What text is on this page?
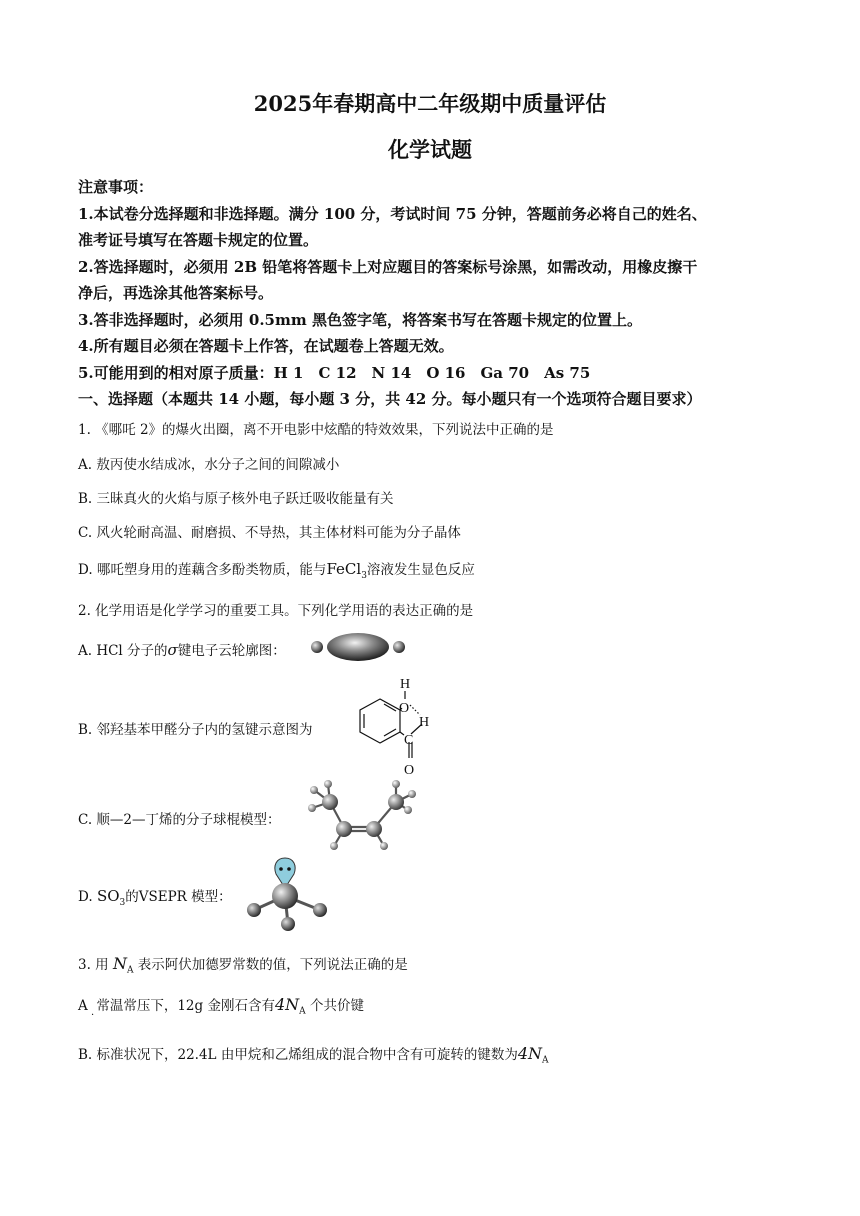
2025年春期高中二年级期中质量评估
化学试题
注意事项：
1.本试卷分选择题和非选择题。满分 100 分，考试时间 75 分钟，答题前务必将自己的姓名、
准考证号填写在答题卡规定的位置。
2.答选择题时，必须用 2B 铅笔将答题卡上对应题目的答案标号涂黑，如需改动，用橡皮擦干
净后，再选涂其他答案标号。
3.答非选择题时，必须用 0.5mm 黑色签字笔，将答案书写在答题卡规定的位置上。
4.所有题目必须在答题卡上作答，在试题卷上答题无效。
5.可能用到的相对原子质量：H 1　C 12　N 14　O 16　Ga 70　As 75
一、选择题（本题共 14 小题，每小题 3 分，共 42 分。每小题只有一个选项符合题目要求）
1. 《哪吒 2》的爆火出圈，离不开电影中炫酷的特效效果，下列说法中正确的是
A. 敖丙使水结成冰，水分子之间的间隙减小
B. 三昧真火的火焰与原子核外电子跃迁吸收能量有关
C. 风火轮耐高温、耐磨损、不导热，其主体材料可能为分子晶体
D. 哪吒塑身用的莲藕含多酚类物质，能与FeCl$_3$溶液发生显色反应
2. 化学用语是化学学习的重要工具。下列化学用语的表达正确的是
A. HCl 分子的σ键电子云轮廓图：
B. 邻羟基苯甲醛分子内的氢键示意图为
H
O
H
C
O
C. 顺—2—丁烯的分子球棍模型：
D. $SO_3$的VSEPR 模型：
3. 用 $N_A$ 表示阿伏加德罗常数的值，下列说法正确的是
A 常温常压下，12g 金刚石含有$4N_A$ 个共价键
·
B. 标准状况下，22.4L 由甲烷和乙烯组成的混合物中含有可旋转的键数为$4N_A$
